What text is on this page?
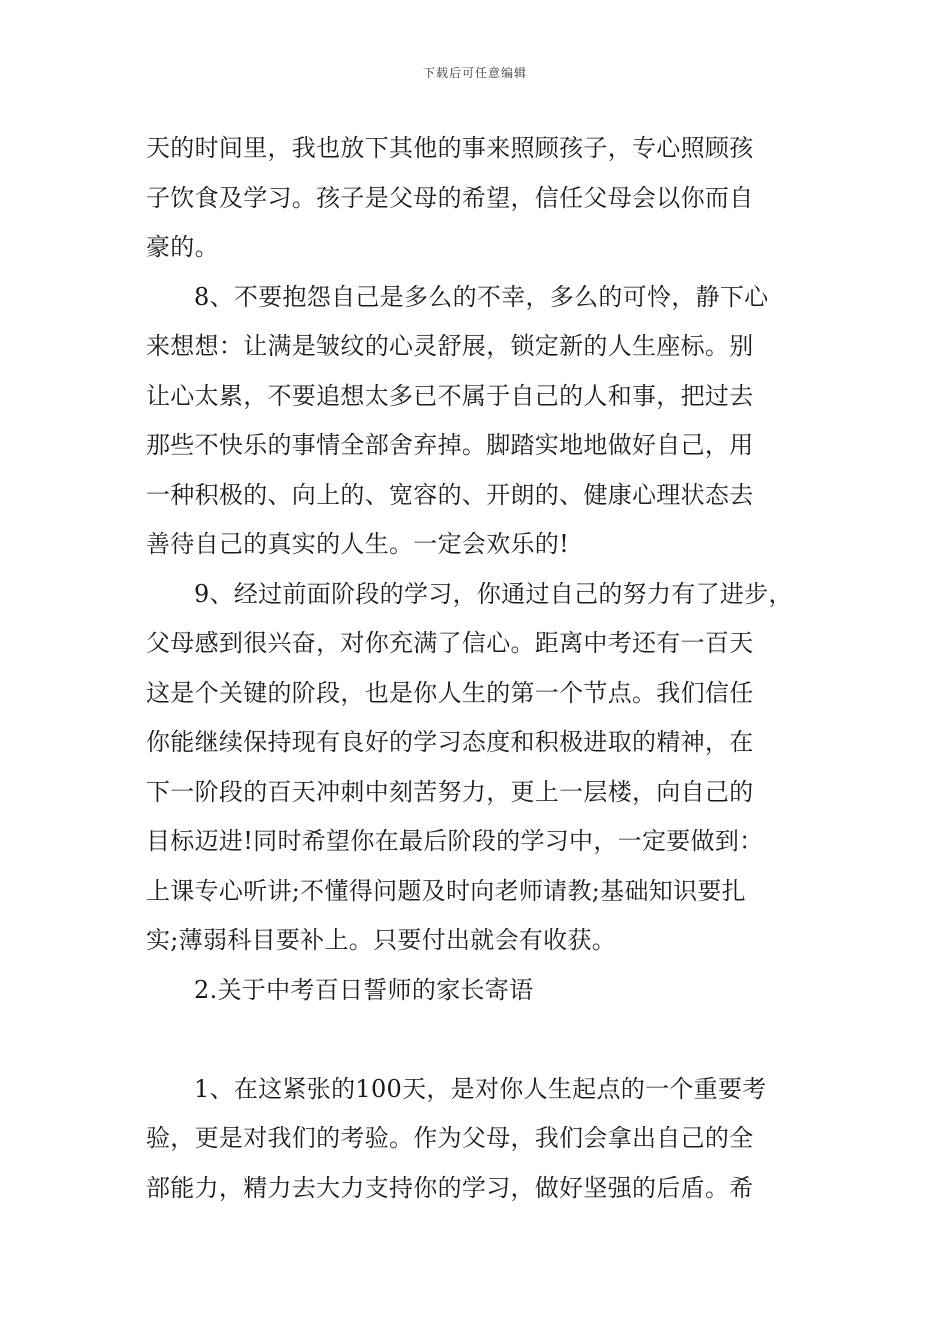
下载后可任意编辑
天的时间里，我也放下其他的事来照顾孩子，专心照顾孩
子饮食及学习。孩子是父母的希望，信任父母会以你而自
豪的。
8、不要抱怨自己是多么的不幸，多么的可怜，静下心
来想想：让满是皱纹的心灵舒展，锁定新的人生座标。别
让心太累，不要追想太多已不属于自己的人和事，把过去
那些不快乐的事情全部舍弃掉。脚踏实地地做好自己，用
一种积极的、向上的、宽容的、开朗的、健康心理状态去
善待自己的真实的人生。一定会欢乐的!
9、经过前面阶段的学习，你通过自己的努力有了进步，
父母感到很兴奋，对你充满了信心。距离中考还有一百天
这是个关键的阶段，也是你人生的第一个节点。我们信任
你能继续保持现有良好的学习态度和积极进取的精神，在
下一阶段的百天冲刺中刻苦努力，更上一层楼，向自己的
目标迈进!同时希望你在最后阶段的学习中，一定要做到：
上课专心听讲;不懂得问题及时向老师请教;基础知识要扎
实;薄弱科目要补上。只要付出就会有收获。
2.关于中考百日誓师的家长寄语
1、在这紧张的100天，是对你人生起点的一个重要考
验，更是对我们的考验。作为父母，我们会拿出自己的全
部能力，精力去大力支持你的学习，做好坚强的后盾。希
